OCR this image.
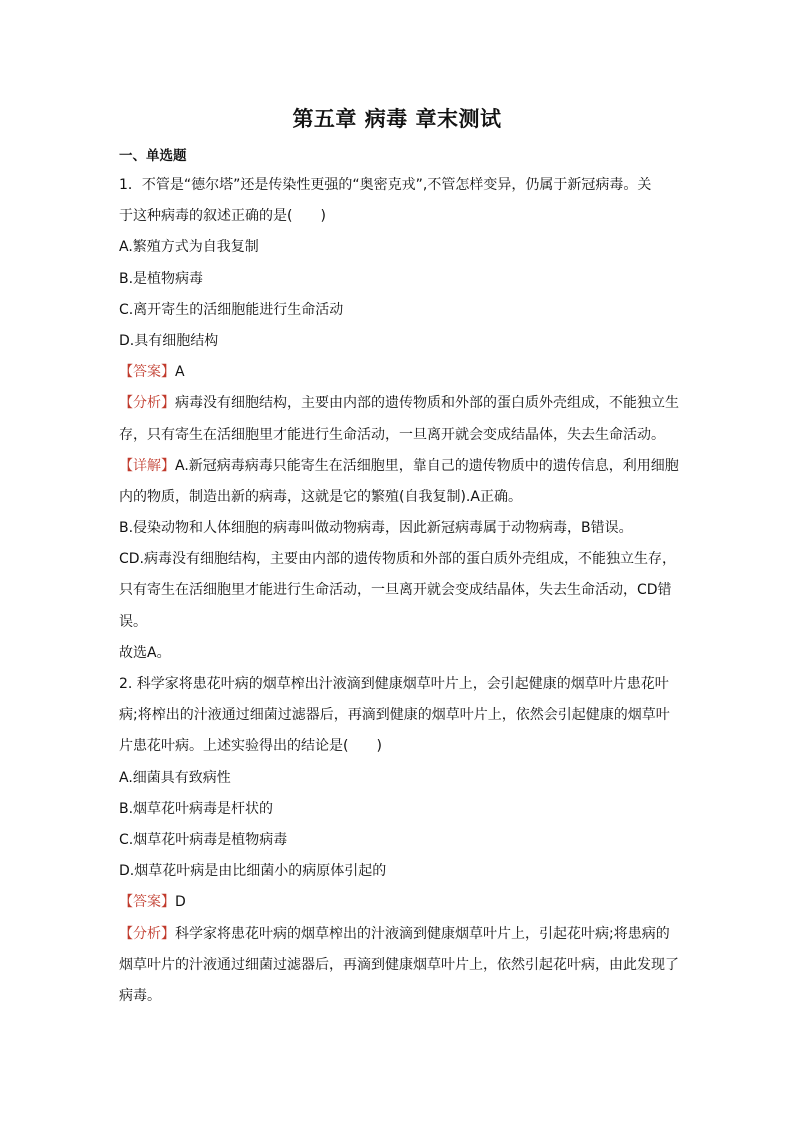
第五章 病毒 章末测试
一、单选题
1．不管是“德尔塔”还是传染性更强的“奥密克戎”,不管怎样变异，仍属于新冠病毒。关
于这种病毒的叙述正确的是(　　)
A.繁殖方式为自我复制
B.是植物病毒
C.离开寄生的活细胞能进行生命活动
D.具有细胞结构
【答案】A
【分析】病毒没有细胞结构，主要由内部的遗传物质和外部的蛋白质外壳组成，不能独立生
存，只有寄生在活细胞里才能进行生命活动，一旦离开就会变成结晶体，失去生命活动。
【详解】A.新冠病毒病毒只能寄生在活细胞里，靠自己的遗传物质中的遗传信息，利用细胞
内的物质，制造出新的病毒，这就是它的繁殖(自我复制).A正确。
B.侵染动物和人体细胞的病毒叫做动物病毒，因此新冠病毒属于动物病毒，B错误。
CD.病毒没有细胞结构，主要由内部的遗传物质和外部的蛋白质外壳组成，不能独立生存，
只有寄生在活细胞里才能进行生命活动，一旦离开就会变成结晶体，失去生命活动，CD错
误。
故选A。
2. 科学家将患花叶病的烟草榨出汁液滴到健康烟草叶片上，会引起健康的烟草叶片患花叶
病;将榨出的汁液通过细菌过滤器后，再滴到健康的烟草叶片上，依然会引起健康的烟草叶
片患花叶病。上述实验得出的结论是(　　)
A.细菌具有致病性
B.烟草花叶病毒是杆状的
C.烟草花叶病毒是植物病毒
D.烟草花叶病是由比细菌小的病原体引起的
【答案】D
【分析】科学家将患花叶病的烟草榨出的汁液滴到健康烟草叶片上，引起花叶病;将患病的
烟草叶片的汁液通过细菌过滤器后，再滴到健康烟草叶片上，依然引起花叶病，由此发现了
病毒。
